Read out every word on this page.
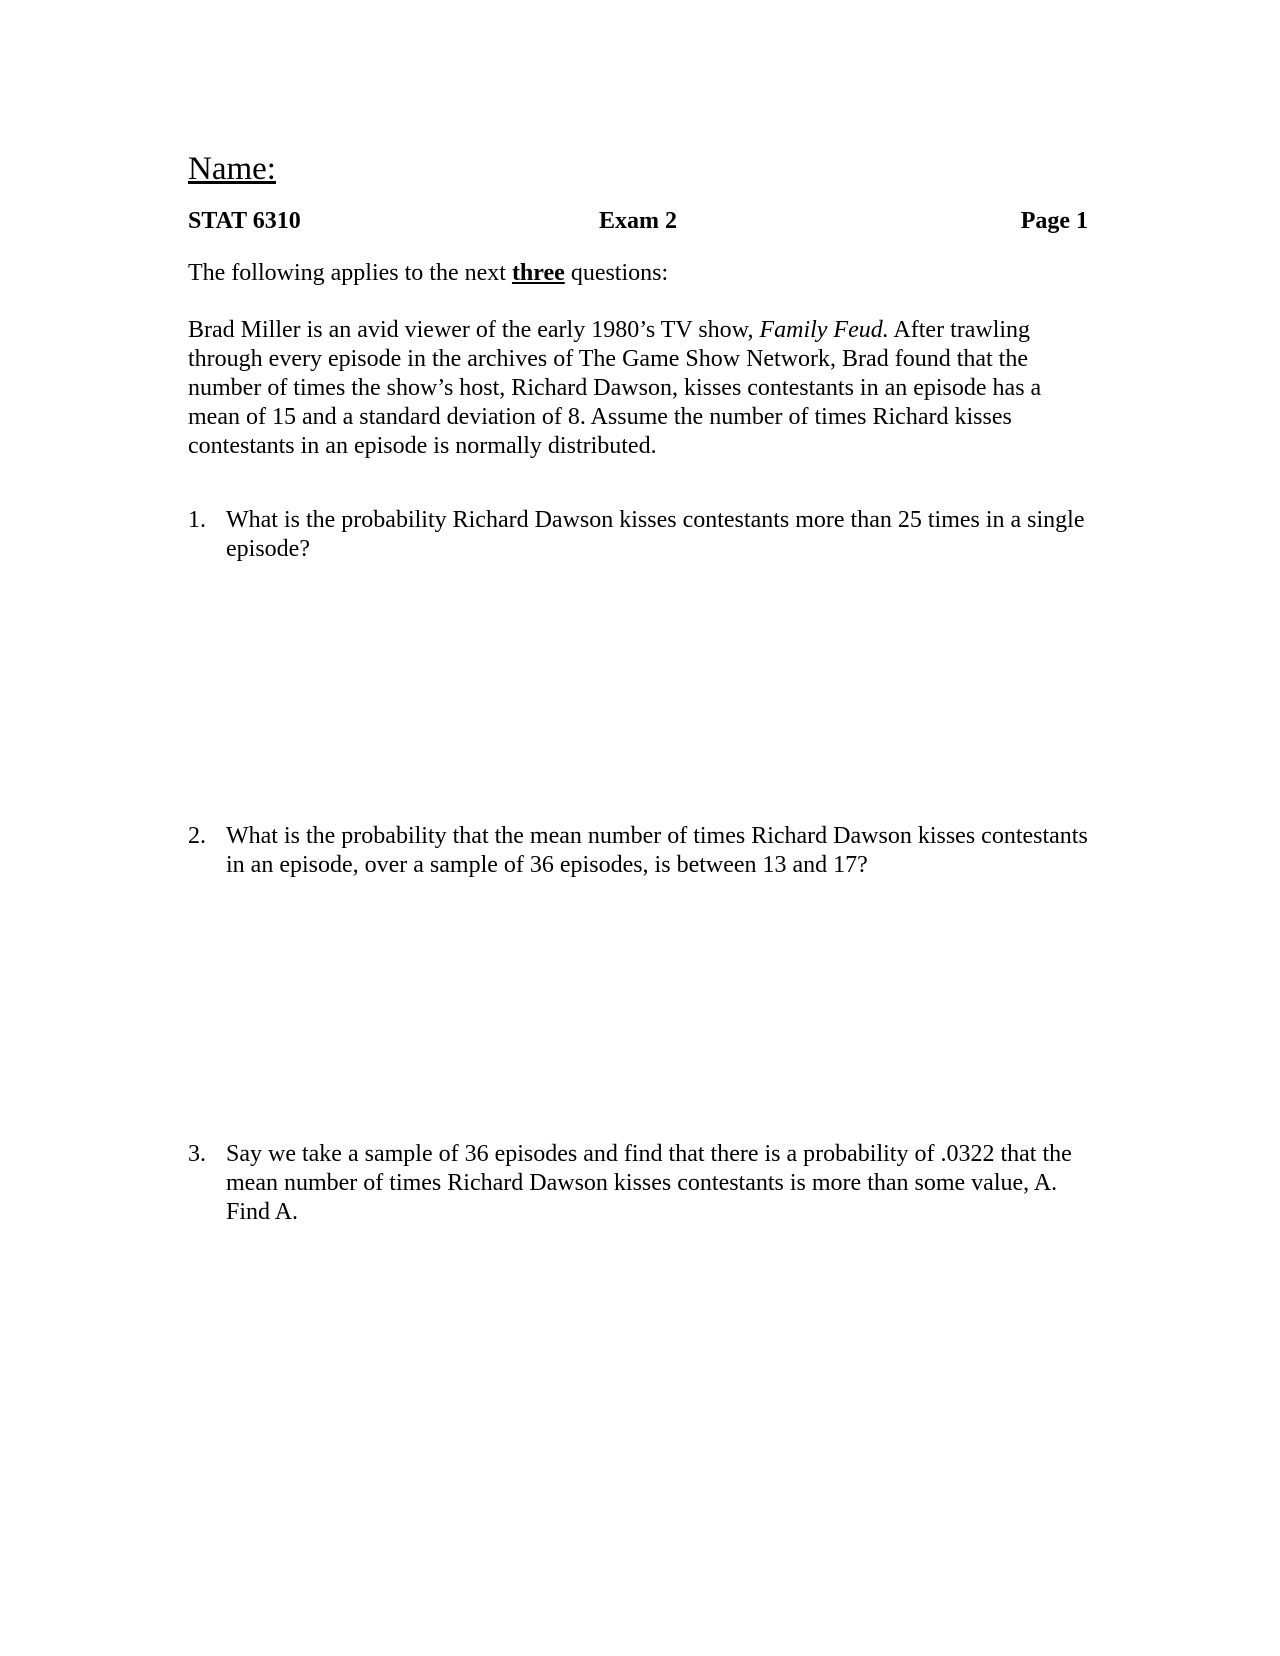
Name:

STAT 6310	Exam 2	Page 1
The following applies to the next three questions:
Brad Miller is an avid viewer of the early 1980’s TV show, Family Feud. After trawling through every episode in the archives of The Game Show Network, Brad found that the number of times the show’s host, Richard Dawson, kisses contestants in an episode has a mean of 15 and a standard deviation of 8. Assume the number of times Richard kisses contestants in an episode is normally distributed.
1. What is the probability Richard Dawson kisses contestants more than 25 times in a single episode?
2. What is the probability that the mean number of times Richard Dawson kisses contestants in an episode, over a sample of 36 episodes, is between 13 and 17?
3. Say we take a sample of 36 episodes and find that there is a probability of .0322 that the mean number of times Richard Dawson kisses contestants is more than some value, A. Find A.
